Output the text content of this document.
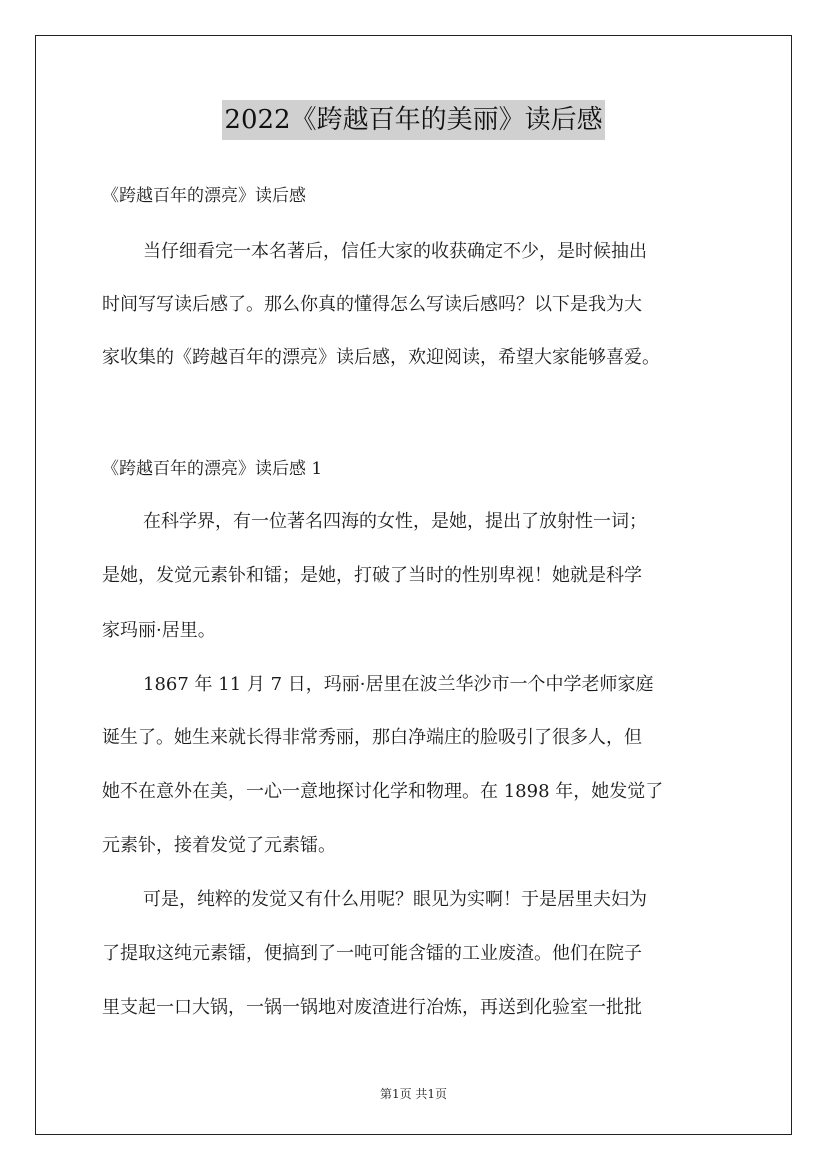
2022《跨越百年的美丽》读后感
《跨越百年的漂亮》读后感
当仔细看完一本名著后，信任大家的收获确定不少，是时候抽出
时间写写读后感了。那么你真的懂得怎么写读后感吗？以下是我为大
家收集的《跨越百年的漂亮》读后感，欢迎阅读，希望大家能够喜爱。
《跨越百年的漂亮》读后感 1
在科学界，有一位著名四海的女性，是她，提出了放射性一词；
是她，发觉元素钋和镭；是她，打破了当时的性别卑视！她就是科学
家玛丽·居里。
1867 年 11 月 7 日，玛丽·居里在波兰华沙市一个中学老师家庭
诞生了。她生来就长得非常秀丽，那白净端庄的脸吸引了很多人，但
她不在意外在美，一心一意地探讨化学和物理。在 1898 年，她发觉了
元素钋，接着发觉了元素镭。
可是，纯粹的发觉又有什么用呢？眼见为实啊！于是居里夫妇为
了提取这纯元素镭，便搞到了一吨可能含镭的工业废渣。他们在院子
里支起一口大锅，一锅一锅地对废渣进行冶炼，再送到化验室一批批
第1页 共1页
